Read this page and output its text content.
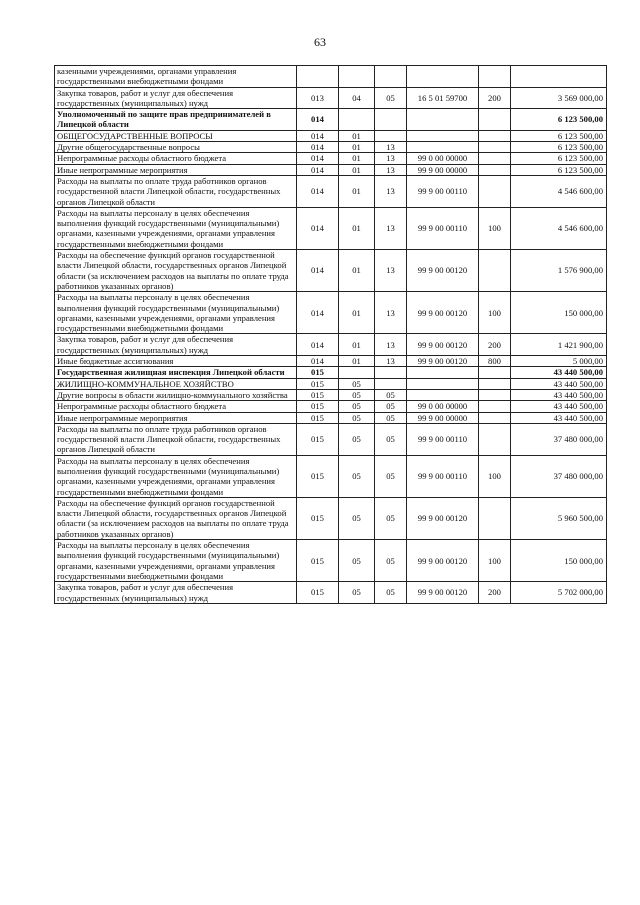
63
казенными учреждениями, органами управления государственными внебюджетными фондами						
Закупка товаров, работ и услуг для обеспечения государственных (муниципальных) нужд	013	04	05	16 5 01 59700	200	3 569 000,00
Уполномоченный по защите прав предпринимателей в Липецкой области	014					6 123 500,00
ОБЩЕГОСУДАРСТВЕННЫЕ ВОПРОСЫ	014	01				6 123 500,00
Другие общегосударственные вопросы	014	01	13			6 123 500,00
Непрограммные расходы областного бюджета	014	01	13	99 0 00 00000		6 123 500,00
Иные непрограммные мероприятия	014	01	13	99 9 00 00000		6 123 500,00
Расходы на выплаты по оплате труда работников органов государственной власти Липецкой области, государственных органов Липецкой области	014	01	13	99 9 00 00110		4 546 600,00
Расходы на выплаты персоналу в целях обеспечения выполнения функций государственными (муниципальными) органами, казенными учреждениями, органами управления государственными внебюджетными фондами	014	01	13	99 9 00 00110	100	4 546 600,00
Расходы на обеспечение функций органов государственной власти Липецкой области, государственных органов Липецкой области (за исключением расходов на выплаты по оплате труда работников указанных органов)	014	01	13	99 9 00 00120		1 576 900,00
Расходы на выплаты персоналу в целях обеспечения выполнения функций государственными (муниципальными) органами, казенными учреждениями, органами управления государственными внебюджетными фондами	014	01	13	99 9 00 00120	100	150 000,00
Закупка товаров, работ и услуг для обеспечения государственных (муниципальных) нужд	014	01	13	99 9 00 00120	200	1 421 900,00
Иные бюджетные ассигнования	014	01	13	99 9 00 00120	800	5 000,00
Государственная жилищная инспекция Липецкой области	015					43 440 500,00
ЖИЛИЩНО-КОММУНАЛЬНОЕ ХОЗЯЙСТВО	015	05				43 440 500,00
Другие вопросы в области жилищно-коммунального хозяйства	015	05	05			43 440 500,00
Непрограммные расходы областного бюджета	015	05	05	99 0 00 00000		43 440 500,00
Иные непрограммные мероприятия	015	05	05	99 9 00 00000		43 440 500,00
Расходы на выплаты по оплате труда работников органов государственной власти Липецкой области, государственных органов Липецкой области	015	05	05	99 9 00 00110		37 480 000,00
Расходы на выплаты персоналу в целях обеспечения выполнения функций государственными (муниципальными) органами, казенными учреждениями, органами управления государственными внебюджетными фондами	015	05	05	99 9 00 00110	100	37 480 000,00
Расходы на обеспечение функций органов государственной власти Липецкой области, государственных органов Липецкой области (за исключением расходов на выплаты по оплате труда работников указанных органов)	015	05	05	99 9 00 00120		5 960 500,00
Расходы на выплаты персоналу в целях обеспечения выполнения функций государственными (муниципальными) органами, казенными учреждениями, органами управления государственными внебюджетными фондами	015	05	05	99 9 00 00120	100	150 000,00
Закупка товаров, работ и услуг для обеспечения государственных (муниципальных) нужд	015	05	05	99 9 00 00120	200	5 702 000,00
